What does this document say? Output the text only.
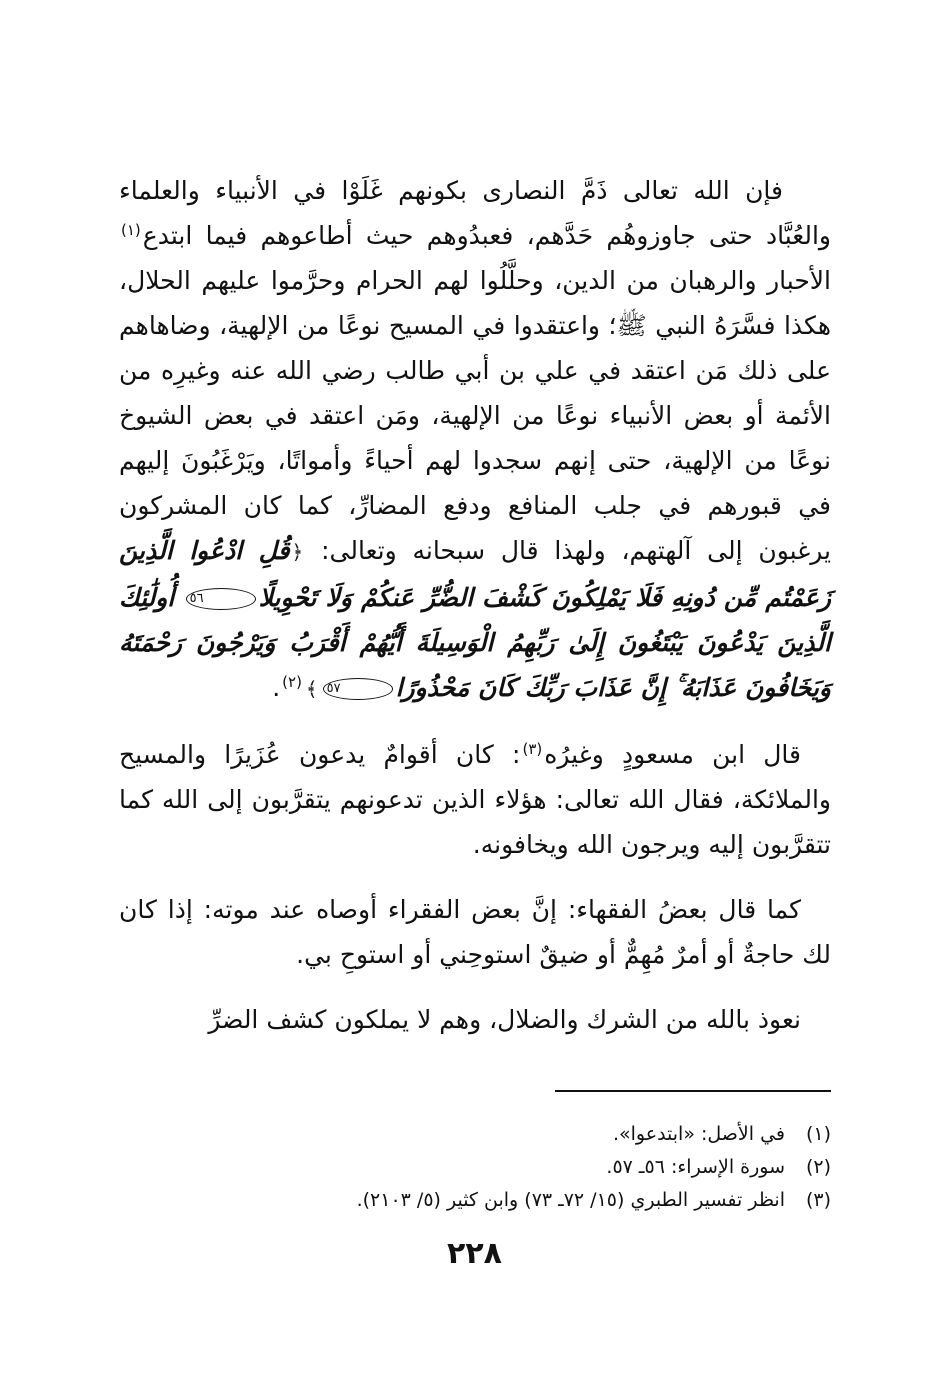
فإن الله تعالى ذَمَّ النصارى بكونهم غَلَوْا في الأنبياء والعلماء والعُبَّاد حتى جاوزوهُم حَدَّهم، فعبدُوهم حيث أطاعوهم فيما ابتدع$^{(١)}$ الأحبار والرهبان من الدين، وحلَّلُوا لهم الحرام وحرَّموا عليهم الحلال، هكذا فسَّرَهُ النبي ﷺ؛ واعتقدوا في المسيح نوعًا من الإلهية، وضاهاهم على ذلك مَن اعتقد في علي بن أبي طالب رضي الله عنه وغيرِه من الأئمة أو بعض الأنبياء نوعًا من الإلهية، ومَن اعتقد في بعض الشيوخ نوعًا من الإلهية، حتى إنهم سجدوا لهم أحياءً وأمواتًا، ويَرْغَبُونَ إليهم في قبورهم في جلب المنافع ودفع المضارِّ، كما كان المشركون يرغبون إلى آلهتهم، ولهذا قال سبحانه وتعالى: ﴿قُلِ ادْعُوا الَّذِينَ زَعَمْتُم مِّن دُونِهِ فَلَا يَمْلِكُونَ كَشْفَ الضُّرِّ عَنكُمْ وَلَا تَحْوِيلًا٥٦ أُولَٰئِكَ الَّذِينَ يَدْعُونَ يَبْتَغُونَ إِلَىٰ رَبِّهِمُ الْوَسِيلَةَ أَيُّهُمْ أَقْرَبُ وَيَرْجُونَ رَحْمَتَهُ وَيَخَافُونَ عَذَابَهُ ۚ إِنَّ عَذَابَ رَبِّكَ كَانَ مَحْذُورًا٥٧﴾$^{(٢)}$.

قال ابن مسعودٍ وغيرُه$^{(٣)}$: كان أقوامٌ يدعون عُزَيرًا والمسيح والملائكة، فقال الله تعالى: هؤلاء الذين تدعونهم يتقرَّبون إلى الله كما تتقرَّبون إليه ويرجون الله ويخافونه.

كما قال بعضُ الفقهاء: إنَّ بعض الفقراء أوصاه عند موته: إذا كان لك حاجةٌ أو أمرٌ مُهِمٌّ أو ضيقٌ استوحِني أو استوحِ بي.

نعوذ بالله من الشرك والضلال، وهم لا يملكون كشف الضرِّ

(١)في الأصل: «ابتدعوا».

(٢)سورة الإسراء: ٥٦ـ ٥٧.

(٣)انظر تفسير الطبري (١٥/ ٧٢ـ ٧٣) وابن كثير (٥/ ٢١٠٣).

٢٢٨
